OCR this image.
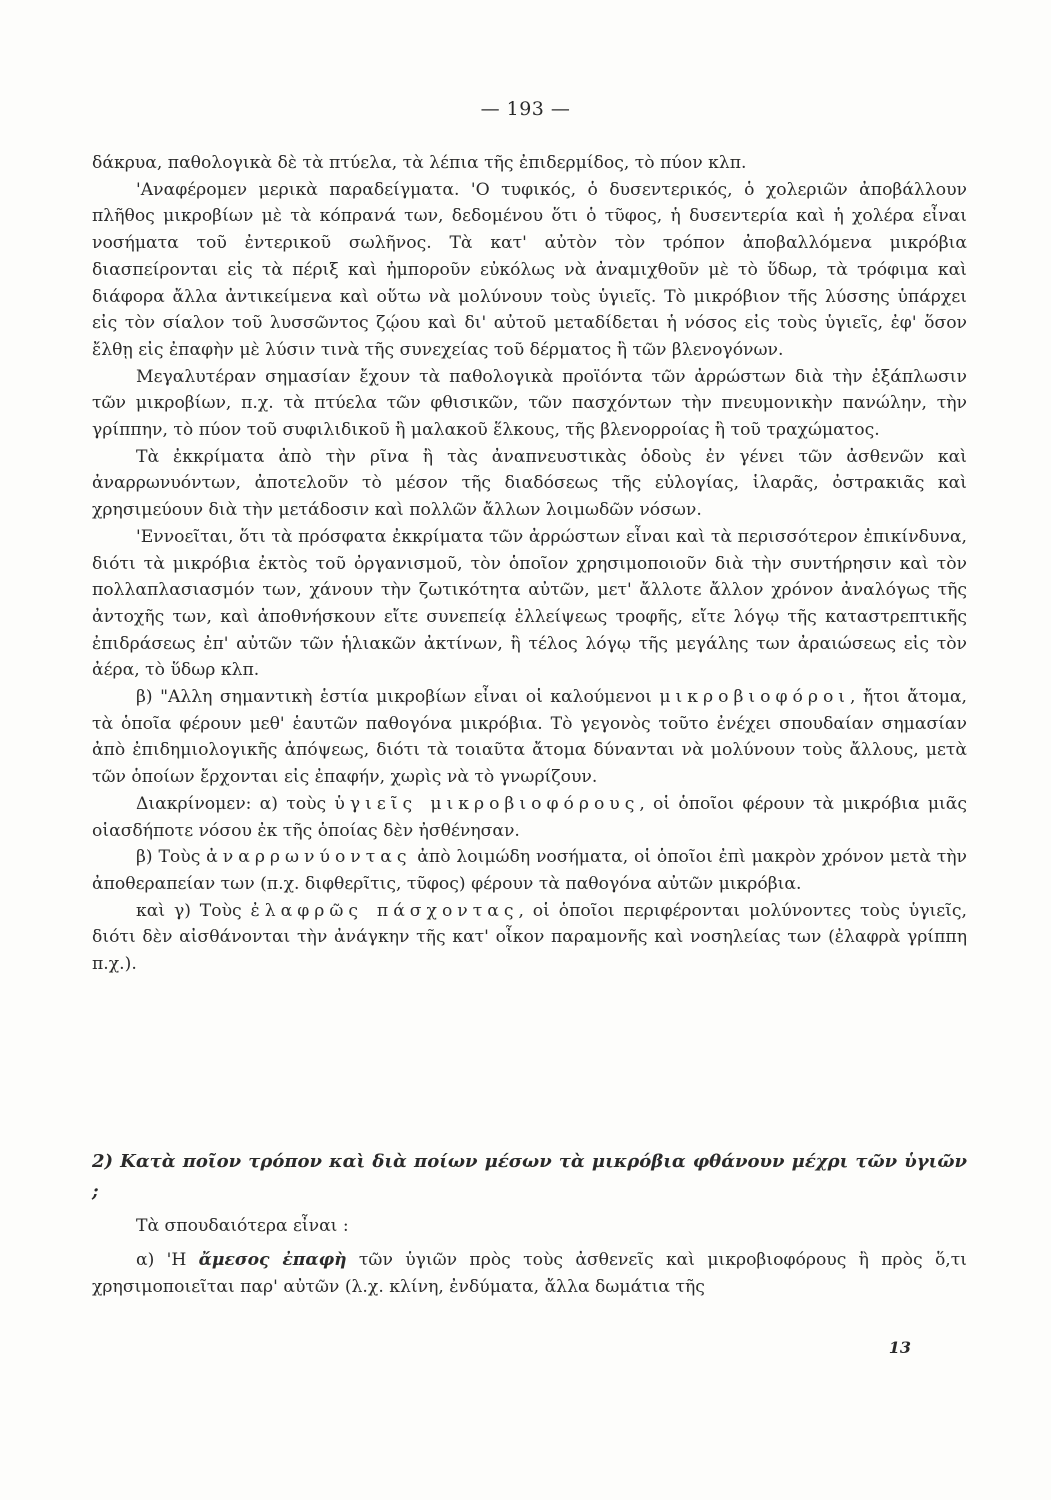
— 193 —

δάκρυα, παθολογικὰ δὲ τὰ πτύελα, τὰ λέπια τῆς ἐπιδερμίδος, τὸ πύον κλπ.

'Αναφέρομεν μερικὰ παραδείγματα. 'Ο τυφικός, ὁ δυσεντερικός, ὁ χολεριῶν ἀποβάλλουν πλῆθος μικροβίων μὲ τὰ κόπρανά των, δεδομένου ὅτι ὁ τῦφος, ἡ δυσεντερία καὶ ἡ χολέρα εἶναι νοσήματα τοῦ ἐντερικοῦ σωλῆνος. Τὰ κατ' αὐτὸν τὸν τρόπον ἀποβαλλόμενα μικρόβια διασπείρονται εἰς τὰ πέριξ καὶ ἠμποροῦν εὐκόλως νὰ ἀναμιχθοῦν μὲ τὸ ὕδωρ, τὰ τρόφιμα καὶ διάφορα ἄλλα ἀντικείμενα καὶ οὕτω νὰ μολύνουν τοὺς ὑγιεῖς. Τὸ μικρόβιον τῆς λύσσης ὑπάρχει εἰς τὸν σίαλον τοῦ λυσσῶντος ζῴου καὶ δι' αὐτοῦ μεταδίδεται ἡ νόσος εἰς τοὺς ὑγιεῖς, ἐφ' ὅσον ἔλθῃ εἰς ἐπαφὴν μὲ λύσιν τινὰ τῆς συνεχείας τοῦ δέρματος ἢ τῶν βλενογόνων.

Μεγαλυτέραν σημασίαν ἔχουν τὰ παθολογικὰ προϊόντα τῶν ἀρρώστων διὰ τὴν ἐξάπλωσιν τῶν μικροβίων, π.χ. τὰ πτύελα τῶν φθισικῶν, τῶν πασχόντων τὴν πνευμονικὴν πανώλην, τὴν γρίππην, τὸ πύον τοῦ συφιλιδικοῦ ἢ μαλακοῦ ἕλκους, τῆς βλενορροίας ἢ τοῦ τραχώματος.

Τὰ ἐκκρίματα ἀπὸ τὴν ρῖνα ἢ τὰς ἀναπνευστικὰς ὁδοὺς ἐν γένει τῶν ἀσθενῶν καὶ ἀναρρωνυόντων, ἀποτελοῦν τὸ μέσον τῆς διαδόσεως τῆς εὐλογίας, ἱλαρᾶς, ὀστρακιᾶς καὶ χρησιμεύουν διὰ τὴν μετάδοσιν καὶ πολλῶν ἄλλων λοιμωδῶν νόσων.

'Εννοεῖται, ὅτι τὰ πρόσφατα ἐκκρίματα τῶν ἀρρώστων εἶναι καὶ τὰ περισσότερον ἐπικίνδυνα, διότι τὰ μικρόβια ἐκτὸς τοῦ ὀργανισμοῦ, τὸν ὁποῖον χρησιμοποιοῦν διὰ τὴν συντήρησιν καὶ τὸν πολλαπλασιασμόν των, χάνουν τὴν ζωτικότητα αὐτῶν, μετ' ἄλλοτε ἄλλον χρόνον ἀναλόγως τῆς ἀντοχῆς των, καὶ ἀποθνήσκουν εἴτε συνεπείᾳ ἐλλείψεως τροφῆς, εἴτε λόγῳ τῆς καταστρεπτικῆς ἐπιδράσεως ἐπ' αὐτῶν τῶν ἡλιακῶν ἀκτίνων, ἢ τέλος λόγῳ τῆς μεγάλης των ἀραιώσεως εἰς τὸν ἀέρα, τὸ ὕδωρ κλπ.

β) "Αλλη σημαντικὴ ἑστία μικροβίων εἶναι οἱ καλούμενοι μικροβιοφόροι, ἤτοι ἄτομα, τὰ ὁποῖα φέρουν μεθ' ἑαυτῶν παθογόνα μικρόβια. Τὸ γεγονὸς τοῦτο ἐνέχει σπουδαίαν σημασίαν ἀπὸ ἐπιδημιολογικῆς ἀπόψεως, διότι τὰ τοιαῦτα ἄτομα δύνανται νὰ μολύνουν τοὺς ἄλλους, μετὰ τῶν ὁποίων ἔρχονται εἰς ἐπαφήν, χωρὶς νὰ τὸ γνωρίζουν.

Διακρίνομεν: α) τοὺς ὑγιεῖς μικροβιοφόρους, οἱ ὁποῖοι φέρουν τὰ μικρόβια μιᾶς οἱασδήποτε νόσου ἐκ τῆς ὁποίας δὲν ἠσθένησαν.

β) Τοὺς ἀναρρωνύοντας ἀπὸ λοιμώδη νοσήματα, οἱ ὁποῖοι ἐπὶ μακρὸν χρόνον μετὰ τὴν ἀποθεραπείαν των (π.χ. διφθερῖτις, τῦφος) φέρουν τὰ παθογόνα αὐτῶν μικρόβια.

καὶ γ) Τοὺς ἐλαφρῶς πάσχοντας, οἱ ὁποῖοι περιφέρονται μολύνοντες τοὺς ὑγιεῖς, διότι δὲν αἰσθάνονται τὴν ἀνάγκην τῆς κατ' οἶκον παραμονῆς καὶ νοσηλείας των (ἐλαφρὰ γρίππη π.χ.).

2) Κατὰ ποῖον τρόπον καὶ διὰ ποίων μέσων τὰ μικρόβια φθάνουν μέχρι τῶν ὑγιῶν ;

Τὰ σπουδαιότερα εἶναι :

α) 'Η ἄμεσος ἐπαφὴ τῶν ὑγιῶν πρὸς τοὺς ἀσθενεῖς καὶ μικροβιοφόρους ἢ πρὸς ὅ,τι χρησιμοποιεῖται παρ' αὐτῶν (λ.χ. κλίνη, ἐνδύματα, ἄλλα δωμάτια τῆς

13
